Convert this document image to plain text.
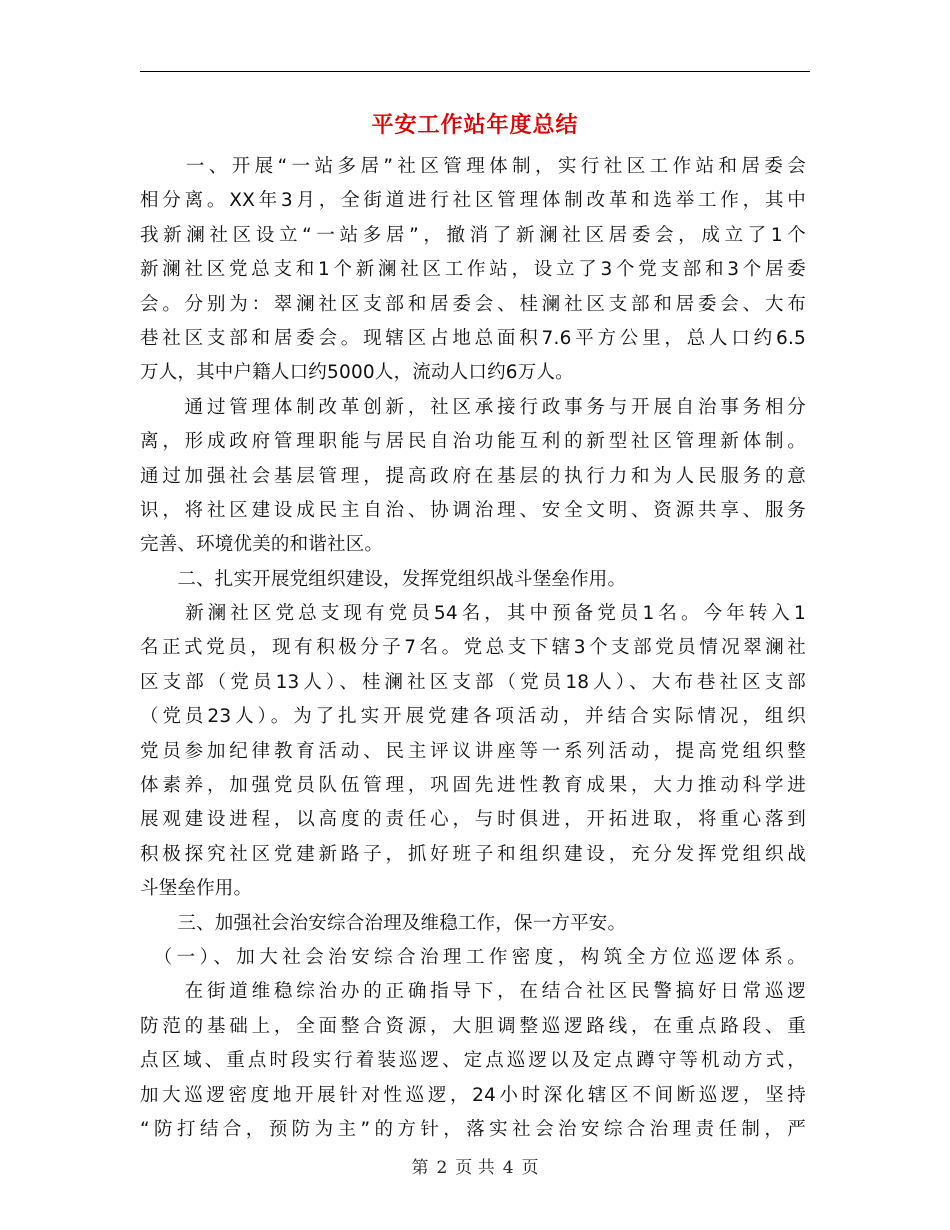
平安工作站年度总结
　　一、开展“一站多居”社区管理体制，实行社区工作站和居委会
相分离。XX年3月，全街道进行社区管理体制改革和选举工作，其中
我新澜社区设立“一站多居”，撤消了新澜社区居委会，成立了1个
新澜社区党总支和1个新澜社区工作站，设立了3个党支部和3个居委
会。分别为：翠澜社区支部和居委会、桂澜社区支部和居委会、大布
巷社区支部和居委会。现辖区占地总面积7.6平方公里，总人口约6.5
万人，其中户籍人口约5000人，流动人口约6万人。
　　通过管理体制改革创新，社区承接行政事务与开展自治事务相分
离，形成政府管理职能与居民自治功能互利的新型社区管理新体制。
通过加强社会基层管理，提高政府在基层的执行力和为人民服务的意
识，将社区建设成民主自治、协调治理、安全文明、资源共享、服务
完善、环境优美的和谐社区。
　　二、扎实开展党组织建设，发挥党组织战斗堡垒作用。
　　新澜社区党总支现有党员54名，其中预备党员1名。今年转入1
名正式党员，现有积极分子7名。党总支下辖3个支部党员情况翠澜社
区支部（党员13人）、桂澜社区支部（党员18人）、大布巷社区支部
（党员23人）。为了扎实开展党建各项活动，并结合实际情况，组织
党员参加纪律教育活动、民主评议讲座等一系列活动，提高党组织整
体素养，加强党员队伍管理，巩固先进性教育成果，大力推动科学进
展观建设进程，以高度的责任心，与时俱进，开拓进取，将重心落到
积极探究社区党建新路子，抓好班子和组织建设，充分发挥党组织战
斗堡垒作用。
　　三、加强社会治安综合治理及维稳工作，保一方平安。
　（一）、加大社会治安综合治理工作密度，构筑全方位巡逻体系。
　　在街道维稳综治办的正确指导下，在结合社区民警搞好日常巡逻
防范的基础上，全面整合资源，大胆调整巡逻路线，在重点路段、重
点区域、重点时段实行着装巡逻、定点巡逻以及定点蹲守等机动方式，
加大巡逻密度地开展针对性巡逻，24小时深化辖区不间断巡逻，坚持
“防打结合，预防为主”的方针，落实社会治安综合治理责任制，严
第 2 页 共 4 页
